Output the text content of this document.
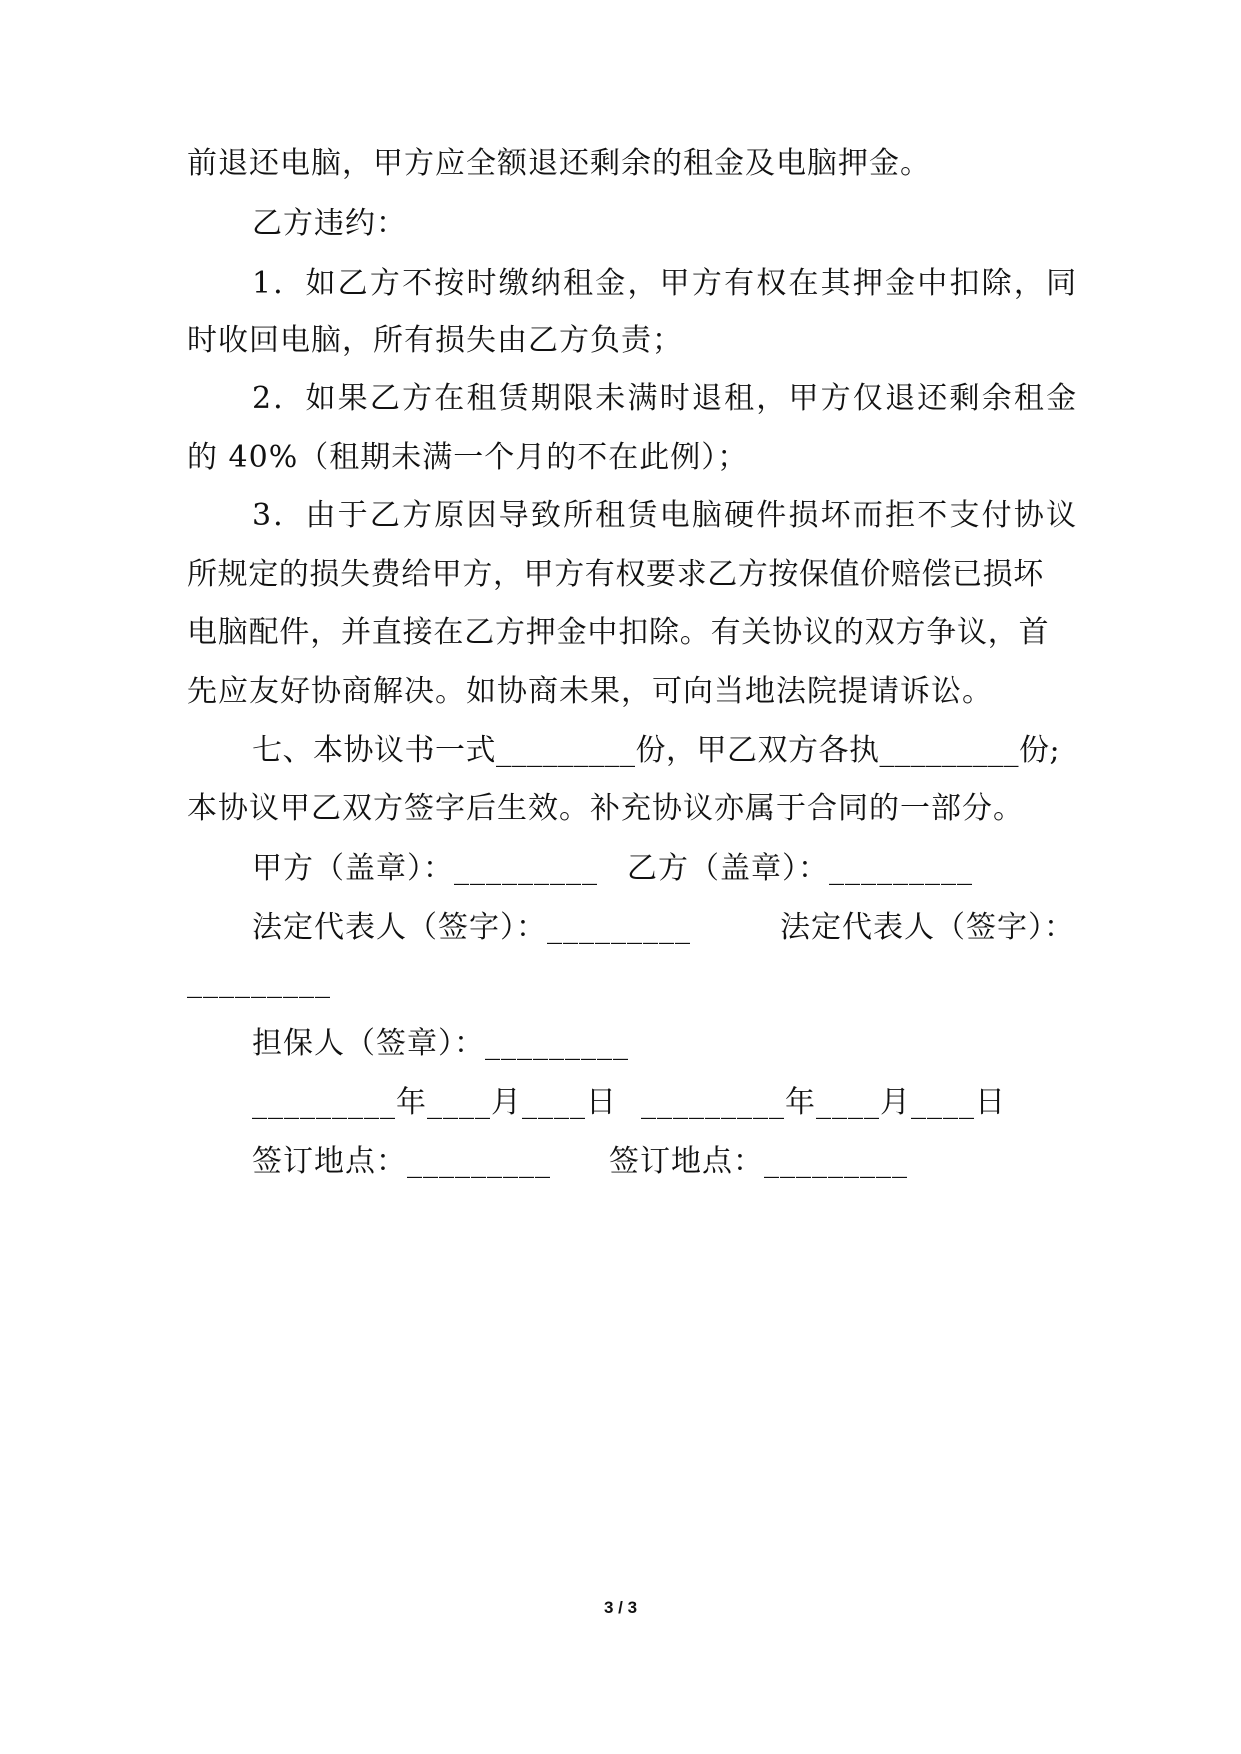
前退还电脑，甲方应全额退还剩余的租金及电脑押金。
乙方违约：
1．如乙方不按时缴纳租金，甲方有权在其押金中扣除，同
时收回电脑，所有损失由乙方负责；
2．如果乙方在租赁期限未满时退租，甲方仅退还剩余租金
的 40%（租期未满一个月的不在此例）；
3．由于乙方原因导致所租赁电脑硬件损坏而拒不支付协议
所规定的损失费给甲方，甲方有权要求乙方按保值价赔偿已损坏
电脑配件，并直接在乙方押金中扣除。有关协议的双方争议，首
先应友好协商解决。如协商未果，可向当地法院提请诉讼。
七、本协议书一式_________份，甲乙双方各执_________份;
本协议甲乙双方签字后生效。补充协议亦属于合同的一部分。
甲方（盖章）：_________ 乙方（盖章）：_________
法定代表人（签字）：_________	法定代表人（签字）：
_________
担保人（签章）：_________
_________年____月____日 _________年____月____日
签订地点：_________ 签订地点：_________
3 / 3
